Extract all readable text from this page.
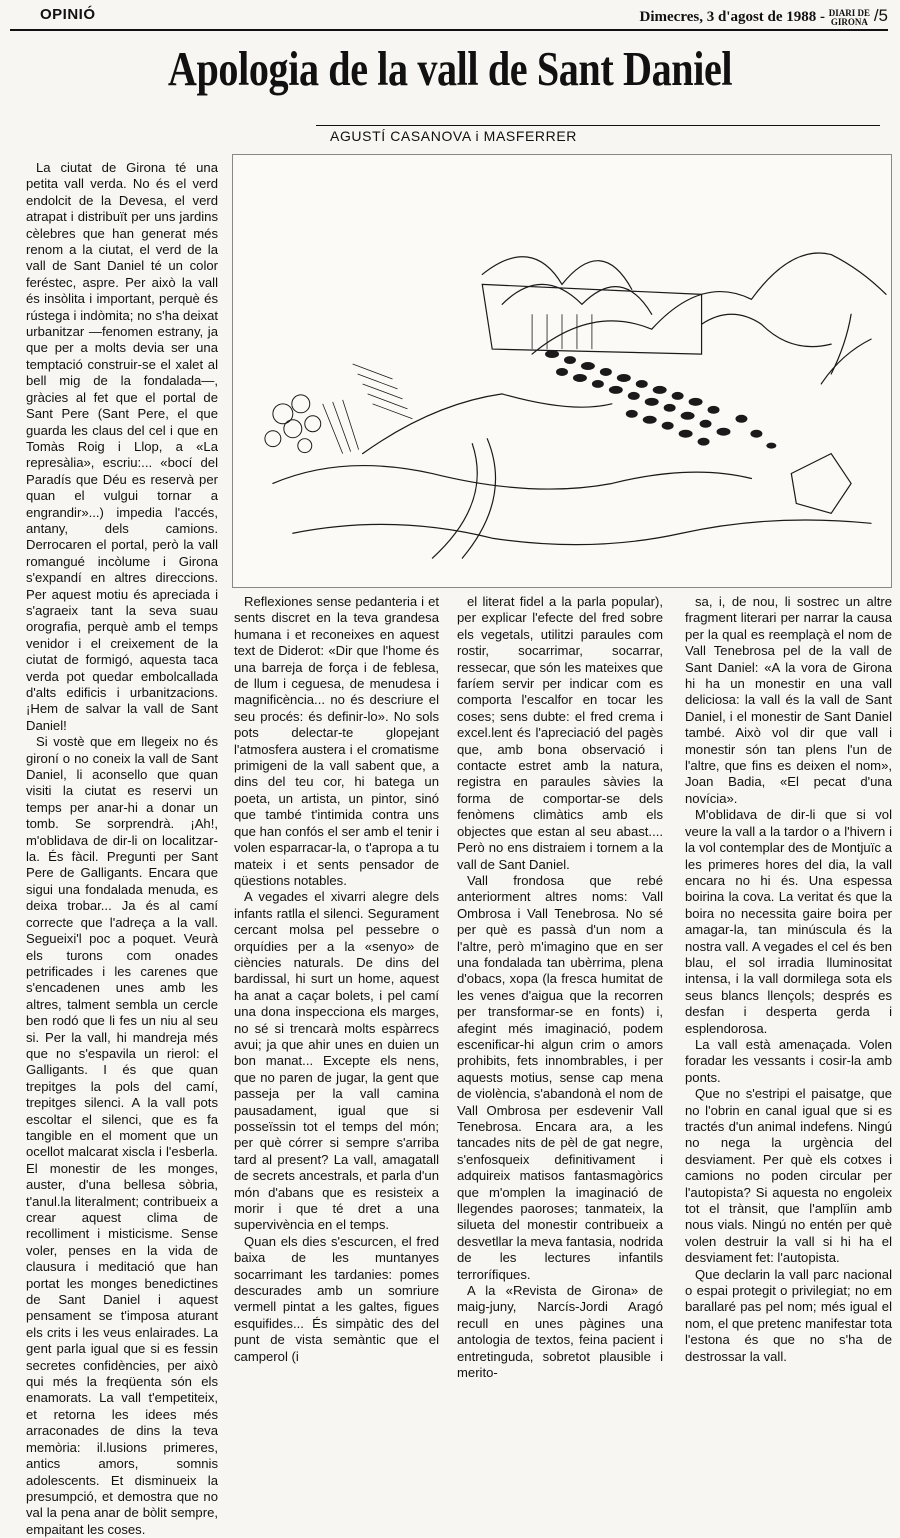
OPINIÓ	Dimecres, 3 d'agost de 1988 - DIARI DE
GIRONA /5
Apologia de la vall de Sant Daniel
AGUSTÍ CASANOVA i MASFERRER

La ciutat de Girona té una petita vall verda. No és el verd endolcit de la Devesa, el verd atrapat i distribuït per uns jardins cèlebres que han generat més renom a la ciutat, el verd de la vall de Sant Daniel té un color feréstec, aspre. Per això la vall és insòlita i important, perquè és rústega i indòmita; no s'ha deixat urbanitzar —fenomen estrany, ja que per a molts devia ser una temptació construir-se el xalet al bell mig de la fondalada—, gràcies al fet que el portal de Sant Pere (Sant Pere, el que guarda les claus del cel i que en Tomàs Roig i Llop, a «La represàlia», escriu:... «bocí del Paradís que Déu es reservà per quan el vulgui tornar a engrandir»...) impedia l'accés, antany, dels camions. Derrocaren el portal, però la vall romangué incòlume i Girona s'expandí en altres direccions. Per aquest motiu és apreciada i s'agraeix tant la seva suau orografia, perquè amb el temps venidor i el creixement de la ciutat de formigó, aquesta taca verda pot quedar embolcallada d'alts edificis i urbanitzacions. ¡Hem de salvar la vall de Sant Daniel!

Si vostè que em llegeix no és gironí o no coneix la vall de Sant Daniel, li aconsello que quan visiti la ciutat es reservi un temps per anar-hi a donar un tomb. Se sorprendrà. ¡Ah!, m'oblidava de dir-li on localitzar-la. És fàcil. Pregunti per Sant Pere de Galligants. Encara que sigui una fondalada menuda, es deixa trobar... Ja és al camí correcte que l'adreça a la vall. Segueixi'l poc a poquet. Veurà els turons com onades petrificades i les carenes que s'encadenen unes amb les altres, talment sembla un cercle ben rodó que li fes un niu al seu si. Per la vall, hi mandreja més que no s'espavila un rierol: el Galligants. I és que quan trepitges la pols del camí, trepitges silenci. A la vall pots escoltar el silenci, que es fa tangible en el moment que un ocellot malcarat xiscla i l'esberla. El monestir de les monges, auster, d'una bellesa sòbria, t'anul.la literalment; contribueix a crear aquest clima de recolliment i misticisme. Sense voler, penses en la vida de clausura i meditació que han portat les monges benedictines de Sant Daniel i aquest pensament se t'imposa aturant els crits i les veus enlairades. La gent parla igual que si es fessin secretes confidències, per això qui més la freqüenta són els enamorats. La vall t'empetiteix, et retorna les idees més arraconades de dins la teva memòria: il.lusions primeres, antics amors, somnis adolescents. Et disminueix la presumpció, et demostra que no val la pena anar de bòlit sempre, empaitant les coses.

Reflexiones sense pedanteria i et sents discret en la teva grandesa humana i et reconeixes en aquest text de Diderot: «Dir que l'home és una barreja de força i de feblesa, de llum i ceguesa, de menudesa i magnificència... no és descriure el seu procés: és definir-lo». No sols pots delectar-te glopejant l'atmosfera austera i el cromatisme primigeni de la vall sabent que, a dins del teu cor, hi batega un poeta, un artista, un pintor, sinó que també t'intimida contra uns que han confós el ser amb el tenir i volen esparracar-la, o t'apropa a tu mateix i et sents pensador de qüestions notables.

A vegades el xivarri alegre dels infants ratlla el silenci. Segurament cercant molsa pel pessebre o orquídies per a la «senyo» de ciències naturals. De dins del bardissal, hi surt un home, aquest ha anat a caçar bolets, i pel camí una dona inspecciona els marges, no sé si trencarà molts espàrrecs avui; ja que ahir unes en duien un bon manat... Excepte els nens, que no paren de jugar, la gent que passeja per la vall camina pausadament, igual que si posseïssin tot el temps del món; per què córrer si sempre s'arriba tard al present? La vall, amagatall de secrets ancestrals, et parla d'un món d'abans que es resisteix a morir i que té dret a una supervivència en el temps.

Quan els dies s'escurcen, el fred baixa de les muntanyes socarrimant les tardanies: pomes descurades amb un somriure vermell pintat a les galtes, figues esquifides... És simpàtic des del punt de vista semàntic que el camperol (i

el literat fidel a la parla popular), per explicar l'efecte del fred sobre els vegetals, utilitzi paraules com rostir, socarrimar, socarrar, ressecar, que són les mateixes que faríem servir per indicar com es comporta l'escalfor en tocar les coses; sens dubte: el fred crema i excel.lent és l'apreciació del pagès que, amb bona observació i contacte estret amb la natura, registra en paraules sàvies la forma de comportar-se dels fenòmens climàtics amb els objectes que estan al seu abast.... Però no ens distraiem i tornem a la vall de Sant Daniel.

Vall frondosa que rebé anteriorment altres noms: Vall Ombrosa i Vall Tenebrosa. No sé per què es passà d'un nom a l'altre, però m'imagino que en ser una fondalada tan ubèrrima, plena d'obacs, xopa (la fresca humitat de les venes d'aigua que la recorren per transformar-se en fonts) i, afegint més imaginació, podem escenificar-hi algun crim o amors prohibits, fets innombrables, i per aquests motius, sense cap mena de violència, s'abandonà el nom de Vall Ombrosa per esdevenir Vall Tenebrosa. Encara ara, a les tancades nits de pèl de gat negre, s'enfosqueix definitivament i adquireix matisos fantasmagòrics que m'omplen la imaginació de llegendes paoroses; tanmateix, la silueta del monestir contribueix a desvetllar la meva fantasia, nodrida de les lectures infantils terrorífiques.

A la «Revista de Girona» de maig-juny, Narcís-Jordi Aragó recull en unes pàgines una antologia de textos, feina pacient i entretinguda, sobretot plausible i merito-

sa, i, de nou, li sostrec un altre fragment literari per narrar la causa per la qual es reemplaçà el nom de Vall Tenebrosa pel de la vall de Sant Daniel: «A la vora de Girona hi ha un monestir en una vall deliciosa: la vall és la vall de Sant Daniel, i el monestir de Sant Daniel també. Això vol dir que vall i monestir són tan plens l'un de l'altre, que fins es deixen el nom», Joan Badia, «El pecat d'una novícia».

M'oblidava de dir-li que si vol veure la vall a la tardor o a l'hivern i la vol contemplar des de Montjuïc a les primeres hores del dia, la vall encara no hi és. Una espessa boirina la cova. La veritat és que la boira no necessita gaire boira per amagar-la, tan minúscula és la nostra vall. A vegades el cel és ben blau, el sol irradia lluminositat intensa, i la vall dormilega sota els seus blancs llençols; després es desfan i desperta gerda i esplendorosa.

La vall està amenaçada. Volen foradar les vessants i cosir-la amb ponts.

Que no s'estripi el paisatge, que no l'obrin en canal igual que si es tractés d'un animal indefens. Ningú no nega la urgència del desviament. Per què els cotxes i camions no poden circular per l'autopista? Si aquesta no engoleix tot el trànsit, que l'amplïin amb nous vials. Ningú no entén per què volen destruir la vall si hi ha el desviament fet: l'autopista.

Que declarin la vall parc nacional o espai protegit o privilegiat; no em barallaré pas pel nom; més igual el nom, el que pretenc manifestar tota l'estona és que no s'ha de destrossar la vall.
